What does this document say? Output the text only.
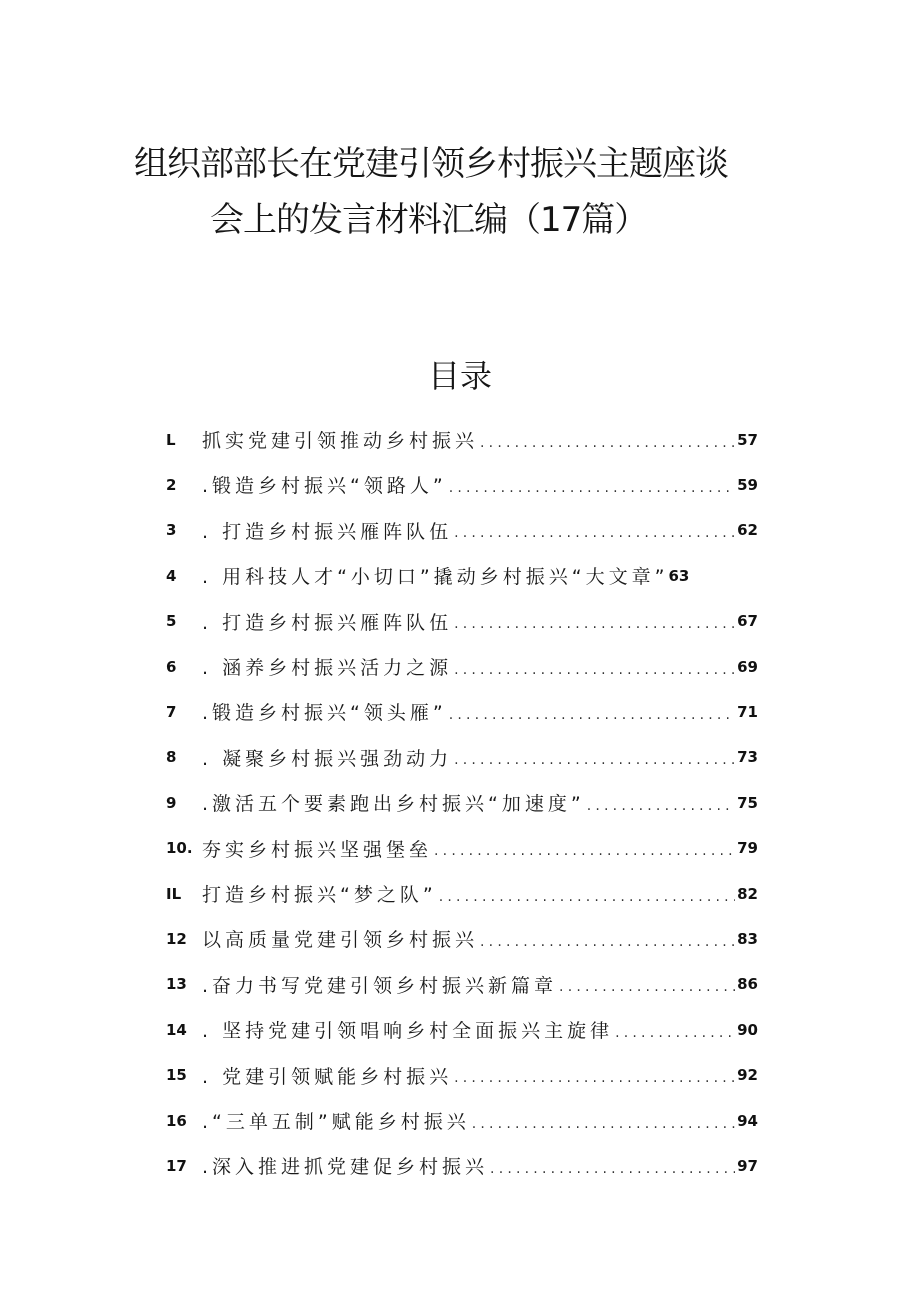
组织部部长在党建引领乡村振兴主题座谈
会上的发言材料汇编（17篇）
目录
L	抓实党建引领推动乡村振兴 .....	57
2	.锻造乡村振兴“领路人” .....	59
3	. 打造乡村振兴雁阵队伍 .....	62
4	. 用科技人才“小切口”撬动乡村振兴“大文章” 63
5	. 打造乡村振兴雁阵队伍 .....	67
6	. 涵养乡村振兴活力之源 .....	69
7	.锻造乡村振兴“领头雁” .....	71
8	. 凝聚乡村振兴强劲动力 .....	73
9	.激活五个要素跑出乡村振兴“加速度” .....	75
10. 夯实乡村振兴坚强堡垒 .....	79
IL	打造乡村振兴“梦之队” .....	82
12 以高质量党建引领乡村振兴 .....	83
13 .奋力书写党建引领乡村振兴新篇章 .....	86
14 . 坚持党建引领唱响乡村全面振兴主旋律 .....	90
15 . 党建引领赋能乡村振兴 .....	92
16 .“三单五制”赋能乡村振兴 .....	94
17 .深入推进抓党建促乡村振兴 .....	97
